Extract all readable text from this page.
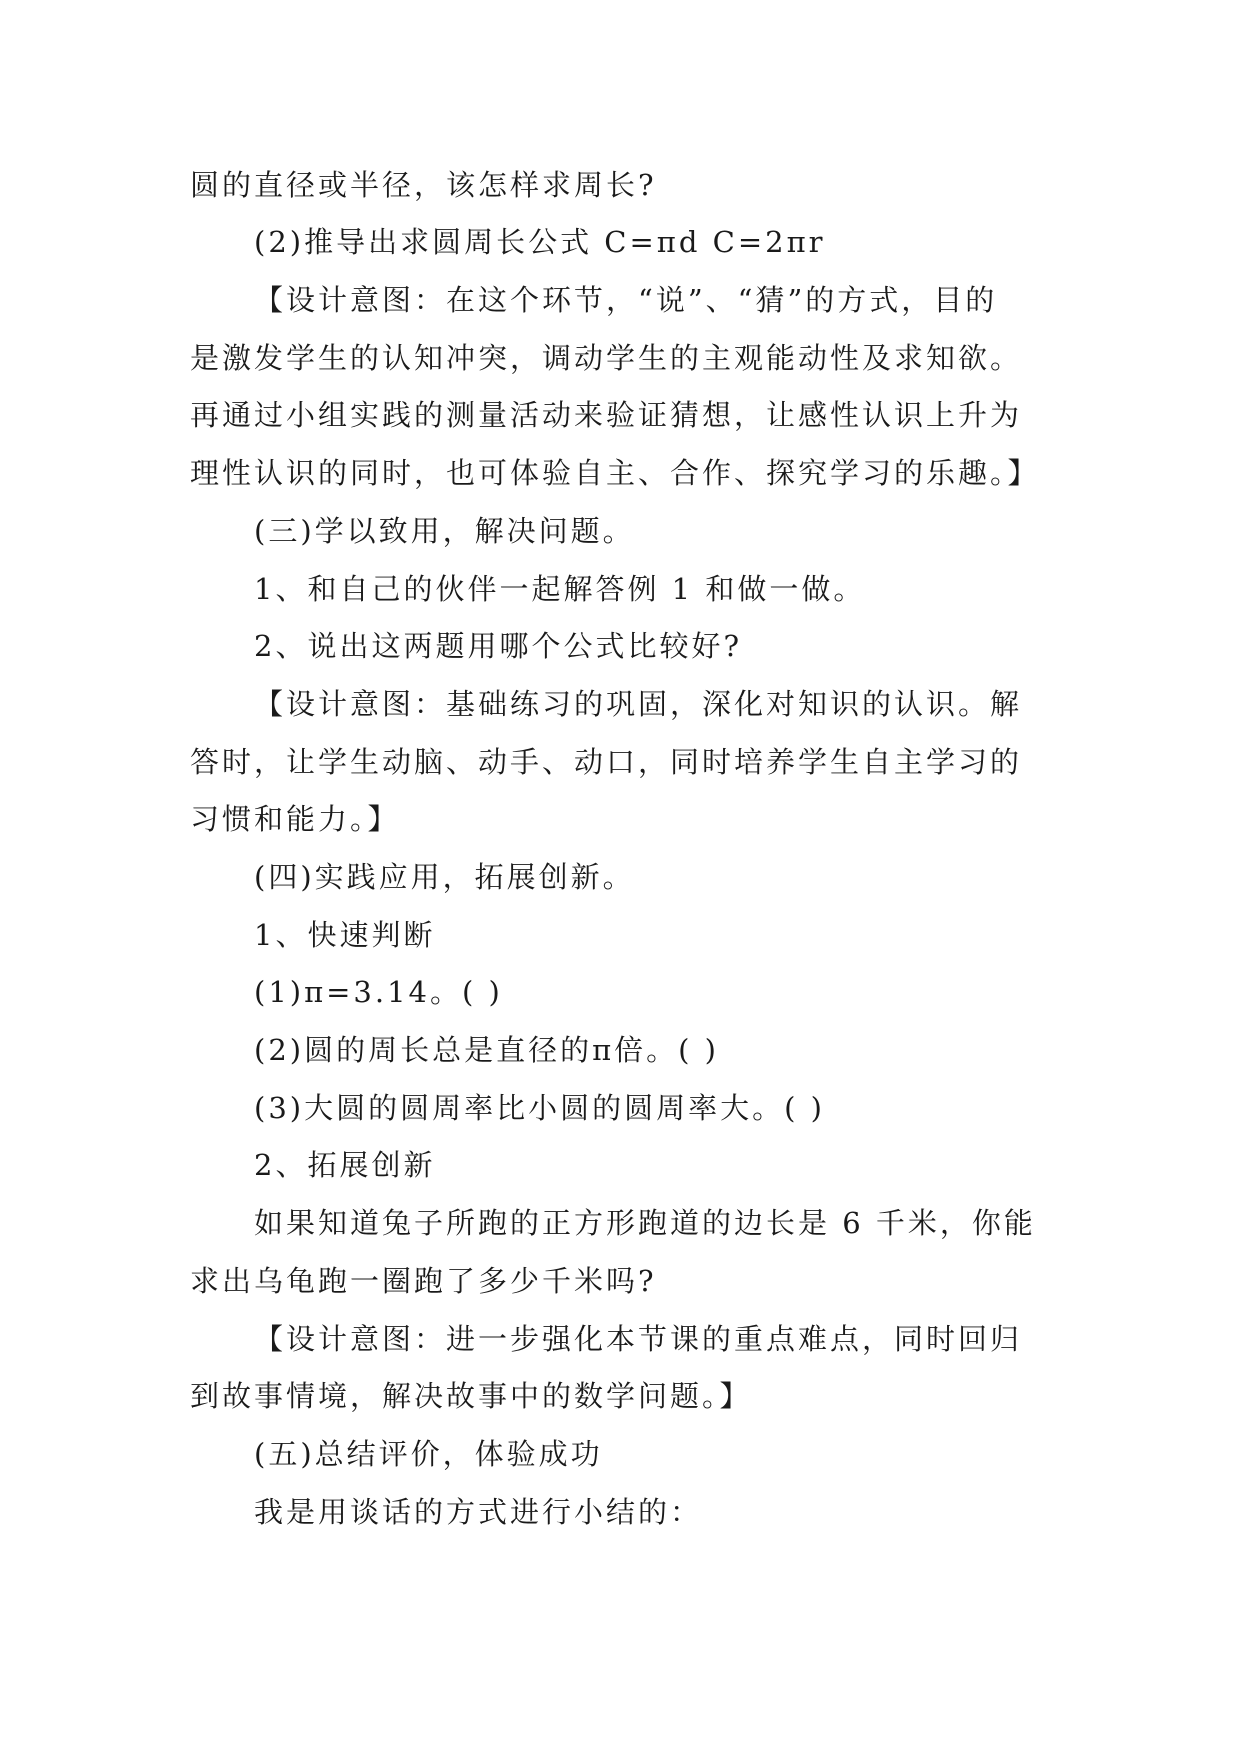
圆的直径或半径，该怎样求周长?
(2)推导出求圆周长公式 C=πd C=2πr
【设计意图：在这个环节，“说”、“猜”的方式，目的
是激发学生的认知冲突，调动学生的主观能动性及求知欲。
再通过小组实践的测量活动来验证猜想，让感性认识上升为
理性认识的同时，也可体验自主、合作、探究学习的乐趣。】
(三)学以致用，解决问题。
1、和自己的伙伴一起解答例 1 和做一做。
2、说出这两题用哪个公式比较好?
【设计意图：基础练习的巩固，深化对知识的认识。解
答时，让学生动脑、动手、动口，同时培养学生自主学习的
习惯和能力。】
(四)实践应用，拓展创新。
1、快速判断
(1)π=3.14。( )
(2)圆的周长总是直径的π倍。( )
(3)大圆的圆周率比小圆的圆周率大。( )
2、拓展创新
如果知道兔子所跑的正方形跑道的边长是 6 千米，你能
求出乌龟跑一圈跑了多少千米吗?
【设计意图：进一步强化本节课的重点难点，同时回归
到故事情境，解决故事中的数学问题。】
(五)总结评价，体验成功
我是用谈话的方式进行小结的：
